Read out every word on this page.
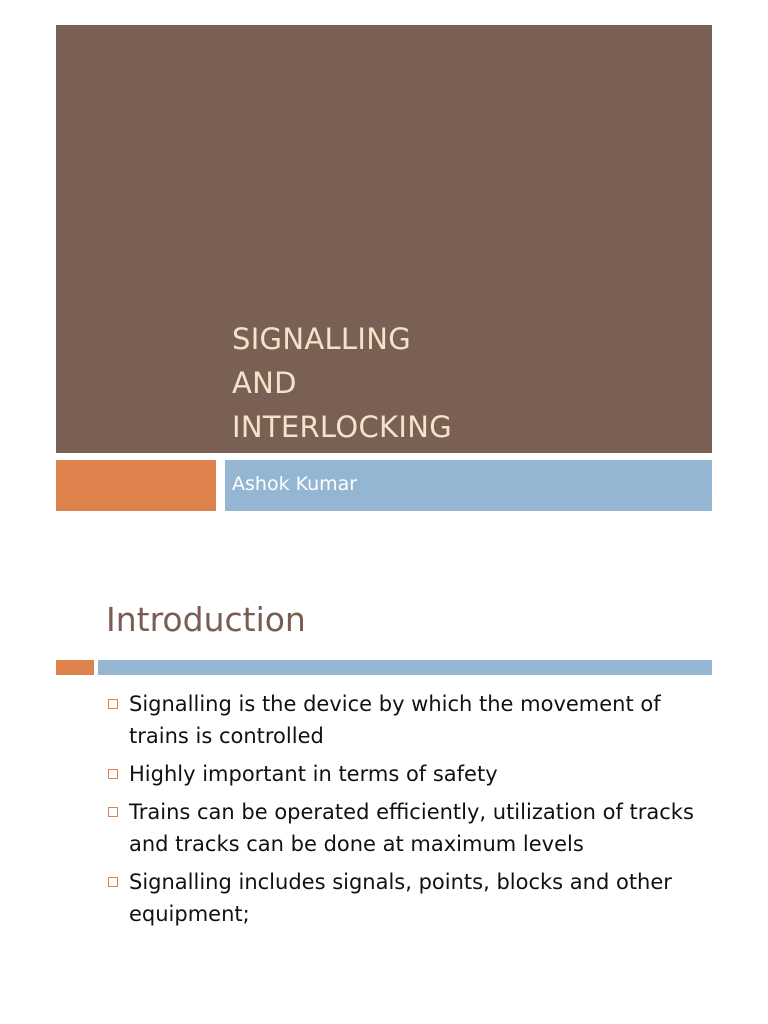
SIGNALLING
AND
INTERLOCKING
Ashok Kumar
Introduction
Signalling is the device by which the movement of trains is controlled
Highly important in terms of safety
Trains can be operated efficiently, utilization of tracks and tracks can be done at maximum levels
Signalling includes signals, points, blocks and other equipment;
